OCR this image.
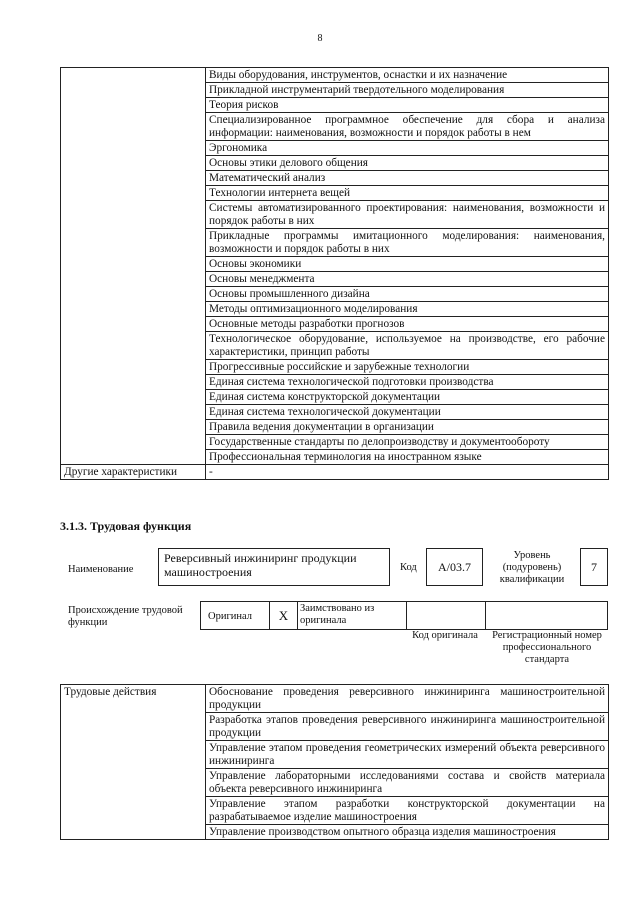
8
	Виды оборудования, инструментов, оснастки и их назначение
	Прикладной инструментарий твердотельного моделирования
	Теория рисков
	Специализированное программное обеспечение для сбора и анализа информации: наименования, возможности и порядок работы в нем
	Эргономика
	Основы этики делового общения
	Математический анализ
	Технологии интернета вещей
	Системы автоматизированного проектирования: наименования, возможности и порядок работы в них
	Прикладные программы имитационного моделирования: наименования, возможности и порядок работы в них
	Основы экономики
	Основы менеджмента
	Основы промышленного дизайна
	Методы оптимизационного моделирования
	Основные методы разработки прогнозов
	Технологическое оборудование, используемое на производстве, его рабочие характеристики, принцип работы
	Прогрессивные российские и зарубежные технологии
	Единая система технологической подготовки производства
	Единая система конструкторской документации
	Единая система технологической документации
	Правила ведения документации в организации
	Государственные стандарты по делопроизводству и документообороту
	Профессиональная терминология на иностранном языке
Другие характеристики	-
3.1.3. Трудовая функция
Наименование
Реверсивный инжиниринг продукции машиностроения	Код	А/03.7
Уровень (подуровень) квалификации
7
Происхождение трудовой функции
Оригинал	X	Заимствовано из оригинала
Код оригинала	Регистрационный номер профессионального стандарта
Трудовые действия	Обоснование проведения реверсивного инжиниринга машиностроительной продукции
Разработка этапов проведения реверсивного инжиниринга машиностроительной продукции
Управление этапом проведения геометрических измерений объекта реверсивного инжиниринга
Управление лабораторными исследованиями состава и свойств материала объекта реверсивного инжиниринга
Управление этапом разработки конструкторской документации на разрабатываемое изделие машиностроения
Управление производством опытного образца изделия машиностроения
